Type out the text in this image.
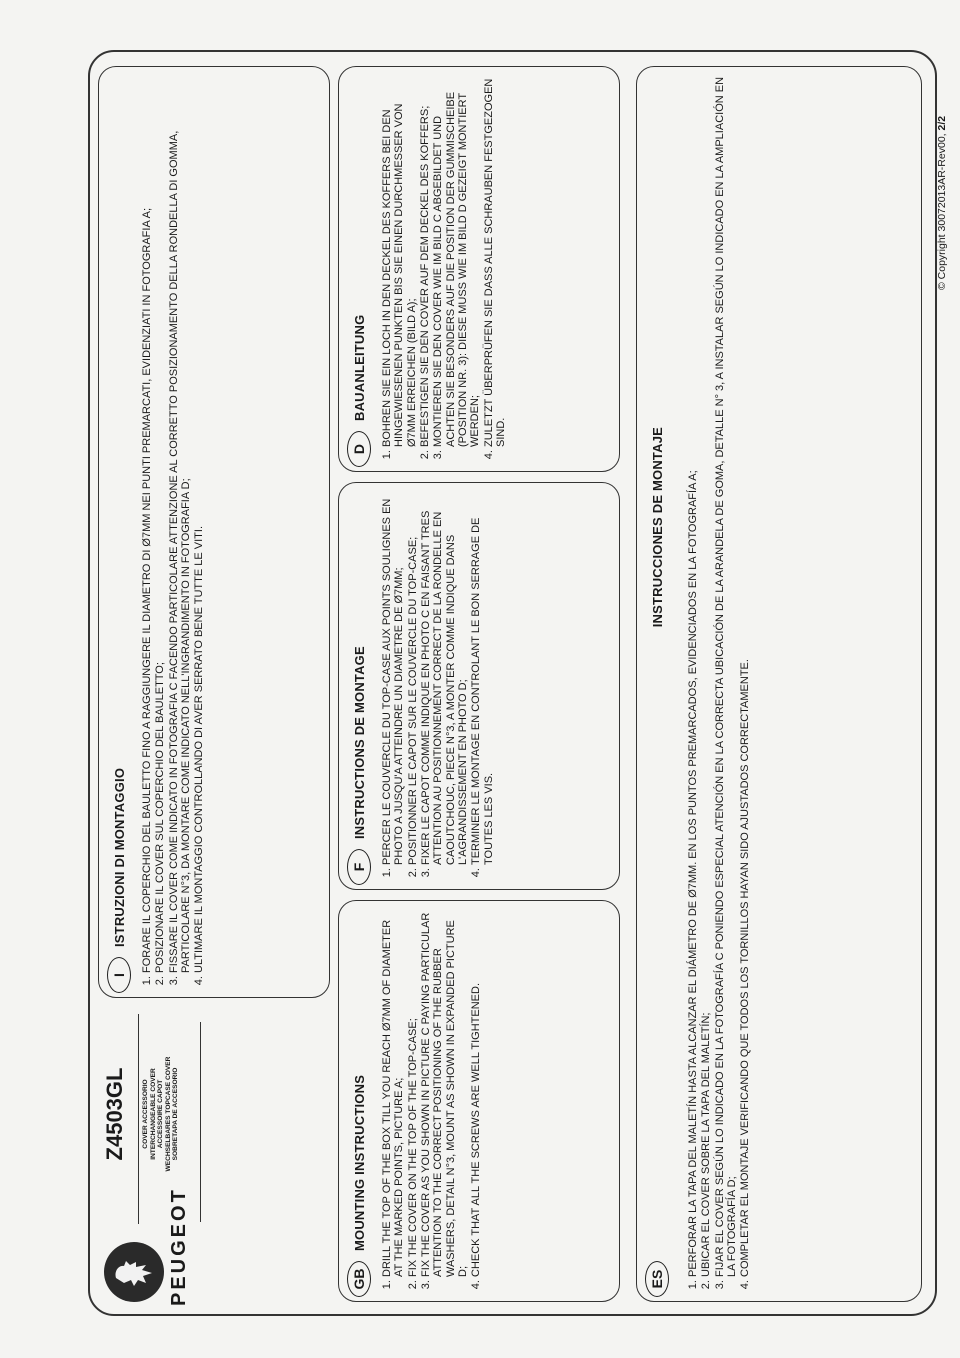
PEUGEOT
Z4503GL COVER ACCESSORIO INTERCHANGEABLE COVER ACCESSOIRE CAPOT WECHSELBARES TOPCASE COVER SOBRETAPA DE ACCESORIO
I
ISTRUZIONI DI MONTAGGIO 1. FORARE IL COPERCHIO DEL BAULETTO FINO A RAGGIUNGERE IL DIAMETRO DI Ø7MM NEI PUNTI PREMARCATI, EVIDENZIATI IN FOTOGRAFIA A; 2. POSIZIONARE IL COVER SUL COPERCHIO DEL BAULETTO; 3. FISSARE IL COVER COME INDICATO IN FOTOGRAFIA C FACENDO PARTICOLARE ATTENZIONE AL CORRETTO POSIZIONAMENTO DELLA RONDELLA DI GOMMA, PARTICOLARE N°3, DA MONTARE COME INDICATO NELL'INGRANDIMENTO IN FOTOGRAFIA D; 4. ULTIMARE IL MONTAGGIO CONTROLLANDO DI AVER SERRATO BENE TUTTE LE VITI.
GB
MOUNTING INSTRUCTIONS 1. DRILL THE TOP OF THE BOX TILL YOU REACH Ø7MM OF DIAMETER AT THE MARKED POINTS, PICTURE A; 2. FIX THE COVER ON THE TOP OF THE TOP-CASE; 3. FIX THE COVER AS YOU SHOWN IN PICTURE C PAYING PARTICULAR ATTENTION TO THE CORRECT POSITIONING OF THE RUBBER WASHERS, DETAIL N°3, MOUNT AS SHOWN IN EXPANDED PICTURE D; 4. CHECK THAT ALL THE SCREWS ARE WELL TIGHTENED.
F
INSTRUCTIONS DE MONTAGE 1. PERCER LE COUVERCLE DU TOP-CASE AUX POINTS SOULIGNES EN PHOTO A JUSQU'A ATTEINDRE UN DIAMETRE DE Ø7MM; 2. POSITIONNER LE CAPOT SUR LE COUVERCLE DU TOP-CASE; 3. FIXER LE CAPOT COMME INDIQUE EN PHOTO C EN FAISANT TRES ATTENTION AU POSITIONNEMENT CORRECT DE LA RONDELLE EN CAOUTCHOUC, PIECE N°3, A MONTER COMME INDIQUE DANS L'AGRANDISSEMENT EN PHOTO D; 4. TERMINER LE MONTAGE EN CONTROLANT LE BON SERRAGE DE TOUTES LES VIS.
D
BAUANLEITUNG 1. BOHREN SIE EIN LOCH IN DEN DECKEL DES KOFFERS BEI DEN HINGEWIESENEN PUNKTEN BIS SIE EINEN DURCHMESSER VON Ø7MM ERREICHEN (BILD A); 2. BEFESTIGEN SIE DEN COVER AUF DEM DECKEL DES KOFFERS; 3. MONTIEREN SIE DEN COVER WIE IM BILD C ABGEBILDET UND ACHTEN SIE BESONDERS AUF DIE POSITION DER GUMMISCHEIBE (POSITION NR. 3): DIESE MUSS WIE IM BILD D GEZEIGT MONTIERT WERDEN; 4. ZULETZT ÜBERPRÜFEN SIE DASS ALLE SCHRAUBEN FESTGEZOGEN SIND.
ES
INSTRUCCIONES DE MONTAJE 1. PERFORAR LA TAPA DEL MALETÍN HASTA ALCANZAR EL DIÁMETRO DE Ø7MM. EN LOS PUNTOS PREMARCADOS, EVIDENCIADOS EN LA FOTOGRAFÍA A; 2. UBICAR EL COVER SOBRE LA TAPA DEL MALETÍN; 3. FIJAR EL COVER SEGÚN LO INDICADO EN LA FOTOGRAFÍA C PONIENDO ESPECIAL ATENCIÓN EN LA CORRECTA UBICACIÓN DE LA ARANDELA DE GOMA, DETALLE N° 3, A INSTALAR SEGÚN LO INDICADO EN LA AMPLIACIÓN EN LA FOTOGRAFÍA D; 4. COMPLETAR EL MONTAJE VERIFICANDO QUE TODOS LOS TORNILLOS HAYAN SIDO AJUSTADOS CORRECTAMENTE.
© Copyright 30072013AR-Rev00, 2/2
